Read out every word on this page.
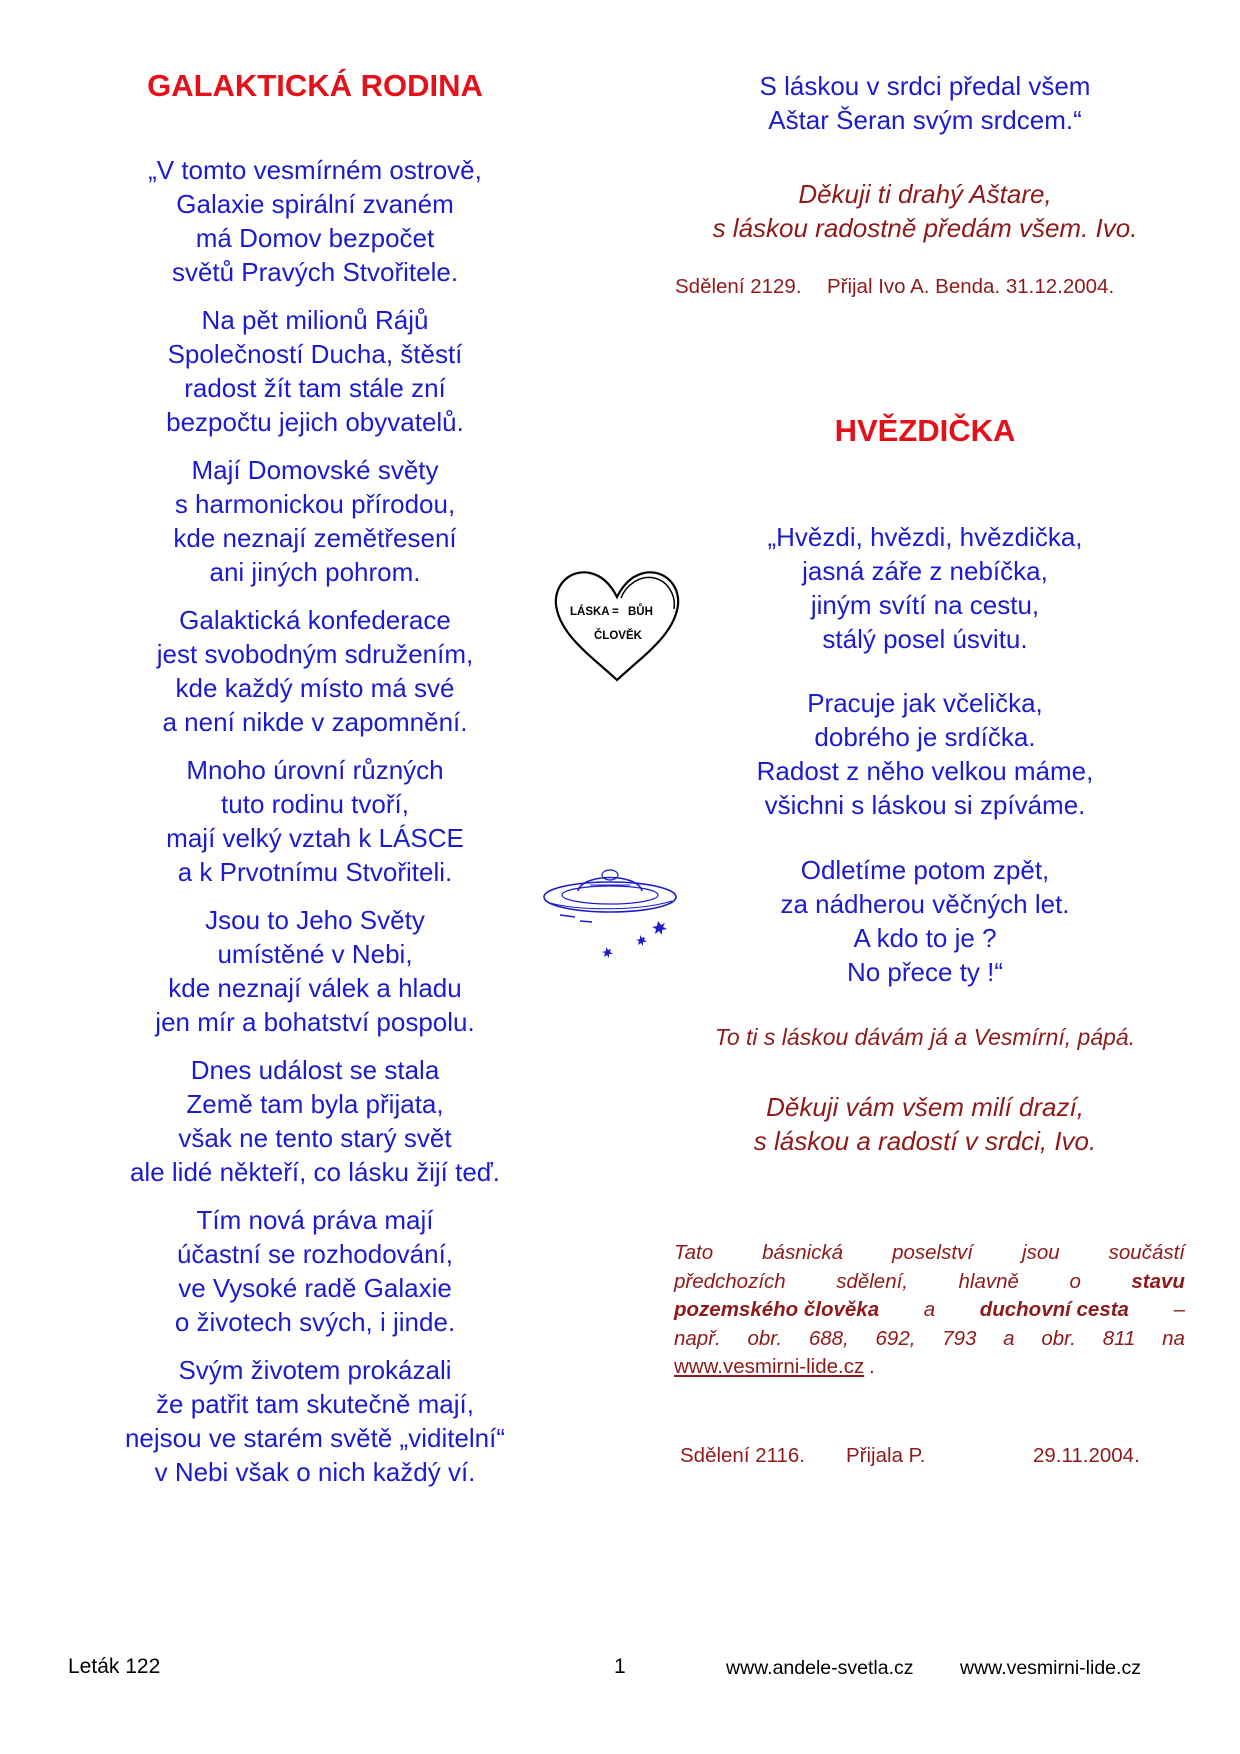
GALAKTICKÁ RODINA
„V tomto vesmírném ostrově,
Galaxie spirální zvaném
má Domov bezpočet
světů Pravých Stvořitele.
Na pět milionů Rájů
Společností Ducha, štěstí
radost žít tam stále zní
bezpočtu jejich obyvatelů.
Mají Domovské světy
s harmonickou přírodou,
kde neznají zemětřesení
ani jiných pohrom.
Galaktická konfederace
jest svobodným sdružením,
kde každý místo má své
a není nikde v zapomnění.
Mnoho úrovní různých
tuto rodinu tvoří,
mají velký vztah k LÁSCE
a k Prvotnímu Stvořiteli.
Jsou to Jeho Světy
umístěné v Nebi,
kde neznají válek a hladu
jen mír a bohatství pospolu.
Dnes událost se stala
Země tam byla přijata,
však ne tento starý svět
ale lidé někteří, co lásku žijí teď.
Tím nová práva mají
účastní se rozhodování,
ve Vysoké radě Galaxie
o životech svých, i jinde.
Svým životem prokázali
že patřit tam skutečně mají,
nejsou ve starém světě „viditelní“
v Nebi však o nich každý ví.
LÁSKA = BŮH
ČLOVĚK
S láskou v srdci předal všem
Aštar Šeran svým srdcem.“
Děkuji ti drahý Aštare,
s láskou radostně předám všem. Ivo.
Sdělení 2129. Přijal Ivo A. Benda. 31.12.2004.
HVĚZDIČKA
„Hvězdi, hvězdi, hvězdička,
jasná záře z nebíčka,
jiným svítí na cestu,
stálý posel úsvitu.
Pracuje jak včelička,
dobrého je srdíčka.
Radost z něho velkou máme,
všichni s láskou si zpíváme.
Odletíme potom zpět,
za nádherou věčných let.
A kdo to je ?
No přece ty !“
To ti s láskou dávám já a Vesmírní, pápá.
Děkuji vám všem milí drazí,
s láskou a radostí v srdci, Ivo.
Tato básnická poselství jsou součástí
předchozích sdělení, hlavně o stavu
pozemského člověka a duchovní cesta –
např. obr. 688, 692, 793 a obr. 811 na
www.vesmirni-lide.cz .
Sdělení 2116. Přijala P.	29.11.2004.
Leták 122	1	www.andele-svetla.cz www.vesmirni-lide.cz
